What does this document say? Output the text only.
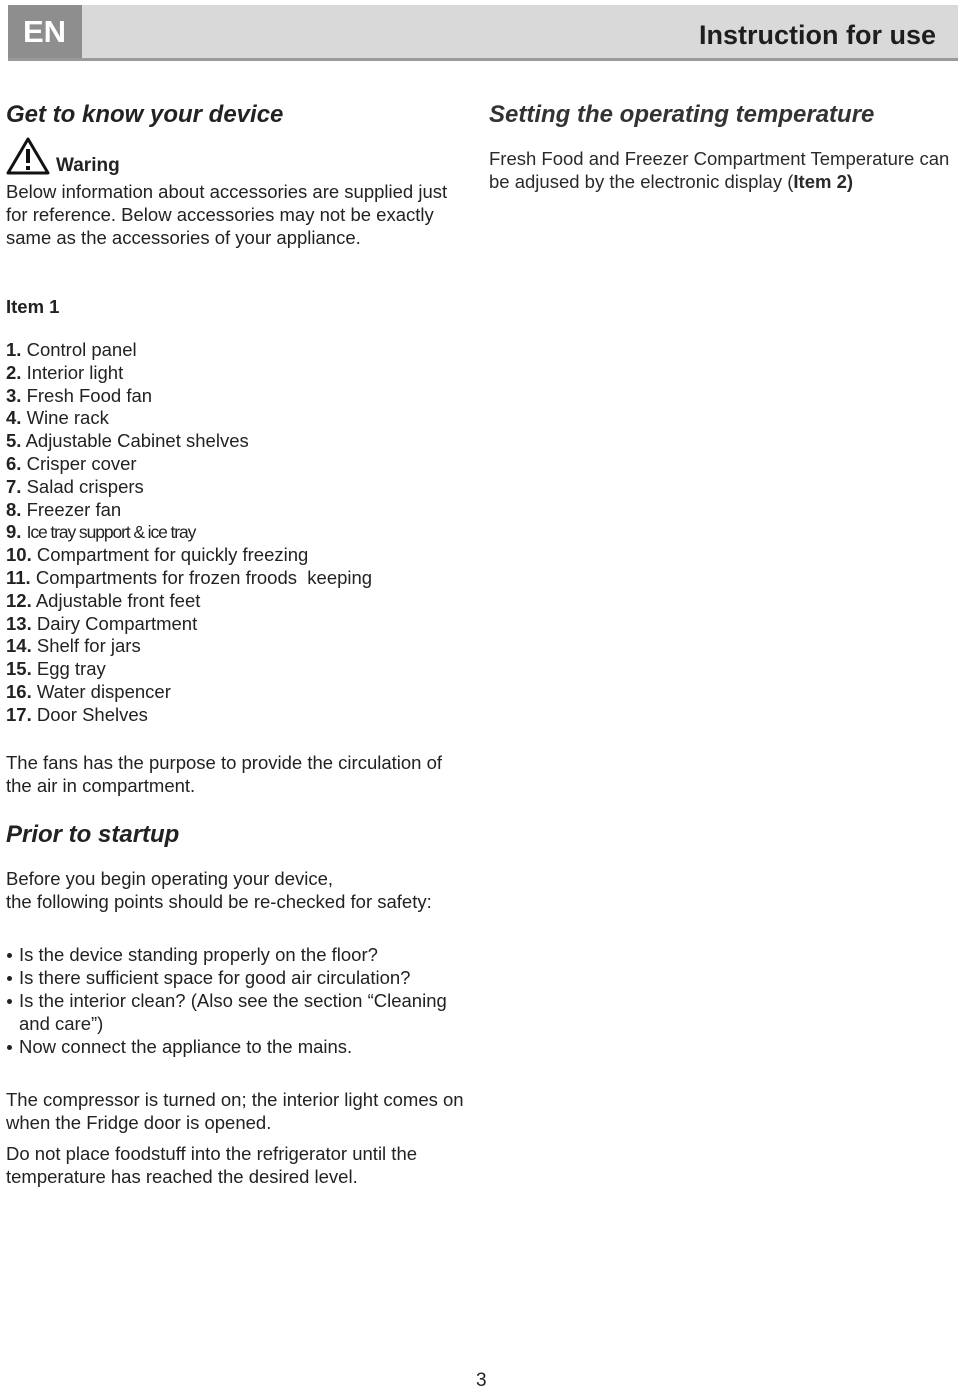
EN	Instruction for use
Get to know your device
Waring
Below information about accessories are supplied just for reference. Below accessories may not be exactly same as the accessories of your appliance.
Setting the operating temperature
Fresh Food and Freezer Compartment Temperature can be adjused by the electronic display (Item 2)
Item 1
1. Control panel
2. Interior light
3. Fresh Food fan
4. Wine rack
5. Adjustable Cabinet shelves
6. Crisper cover
7. Salad crispers
8. Freezer fan
9. Ice tray support & ice tray
10. Compartment for quickly freezing
11. Compartments for frozen froods  keeping
12. Adjustable front feet
13. Dairy Compartment
14. Shelf for jars
15. Egg tray
16. Water dispencer
17. Door Shelves
The fans has the purpose to provide the circulation of the air in compartment.
Prior to startup
Before you begin operating your device,
the following points should be re-checked for safety:
Is the device standing properly on the floor?
Is there sufficient space for good air circulation?
Is the interior clean? (Also see the section “Cleaning and care”)
Now connect the appliance to the mains.
The compressor is turned on; the interior light comes on when the Fridge door is opened.
Do not place foodstuff into the refrigerator until the temperature has reached the desired level.
3
